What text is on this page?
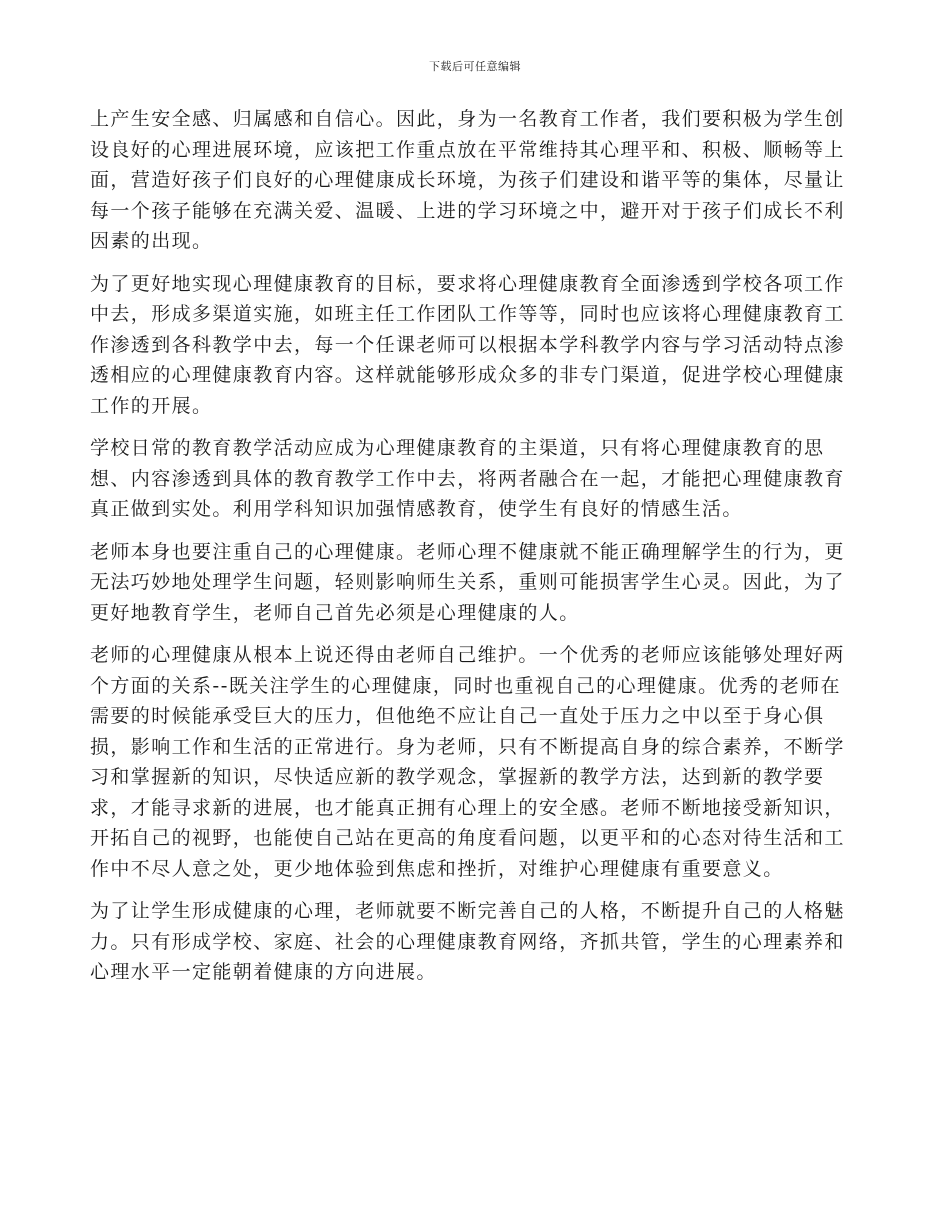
下载后可任意编辑

上产生安全感、归属感和自信心。因此，身为一名教育工作者，我们要积极为学生创设良好的心理进展环境，应该把工作重点放在平常维持其心理平和、积极、顺畅等上面，营造好孩子们良好的心理健康成长环境，为孩子们建设和谐平等的集体，尽量让每一个孩子能够在充满关爱、温暖、上进的学习环境之中，避开对于孩子们成长不利因素的出现。

为了更好地实现心理健康教育的目标，要求将心理健康教育全面渗透到学校各项工作中去，形成多渠道实施，如班主任工作团队工作等等，同时也应该将心理健康教育工作渗透到各科教学中去，每一个任课老师可以根据本学科教学内容与学习活动特点渗透相应的心理健康教育内容。这样就能够形成众多的非专门渠道，促进学校心理健康工作的开展。

学校日常的教育教学活动应成为心理健康教育的主渠道，只有将心理健康教育的思想、内容渗透到具体的教育教学工作中去，将两者融合在一起，才能把心理健康教育真正做到实处。利用学科知识加强情感教育，使学生有良好的情感生活。

老师本身也要注重自己的心理健康。老师心理不健康就不能正确理解学生的行为，更无法巧妙地处理学生问题，轻则影响师生关系，重则可能损害学生心灵。因此，为了更好地教育学生，老师自己首先必须是心理健康的人。

老师的心理健康从根本上说还得由老师自己维护。一个优秀的老师应该能够处理好两个方面的关系--既关注学生的心理健康，同时也重视自己的心理健康。优秀的老师在需要的时候能承受巨大的压力，但他绝不应让自己一直处于压力之中以至于身心俱损，影响工作和生活的正常进行。身为老师，只有不断提高自身的综合素养，不断学习和掌握新的知识，尽快适应新的教学观念，掌握新的教学方法，达到新的教学要求，才能寻求新的进展，也才能真正拥有心理上的安全感。老师不断地接受新知识，开拓自己的视野，也能使自己站在更高的角度看问题，以更平和的心态对待生活和工作中不尽人意之处，更少地体验到焦虑和挫折，对维护心理健康有重要意义。

为了让学生形成健康的心理，老师就要不断完善自己的人格，不断提升自己的人格魅力。只有形成学校、家庭、社会的心理健康教育网络，齐抓共管，学生的心理素养和心理水平一定能朝着健康的方向进展。
